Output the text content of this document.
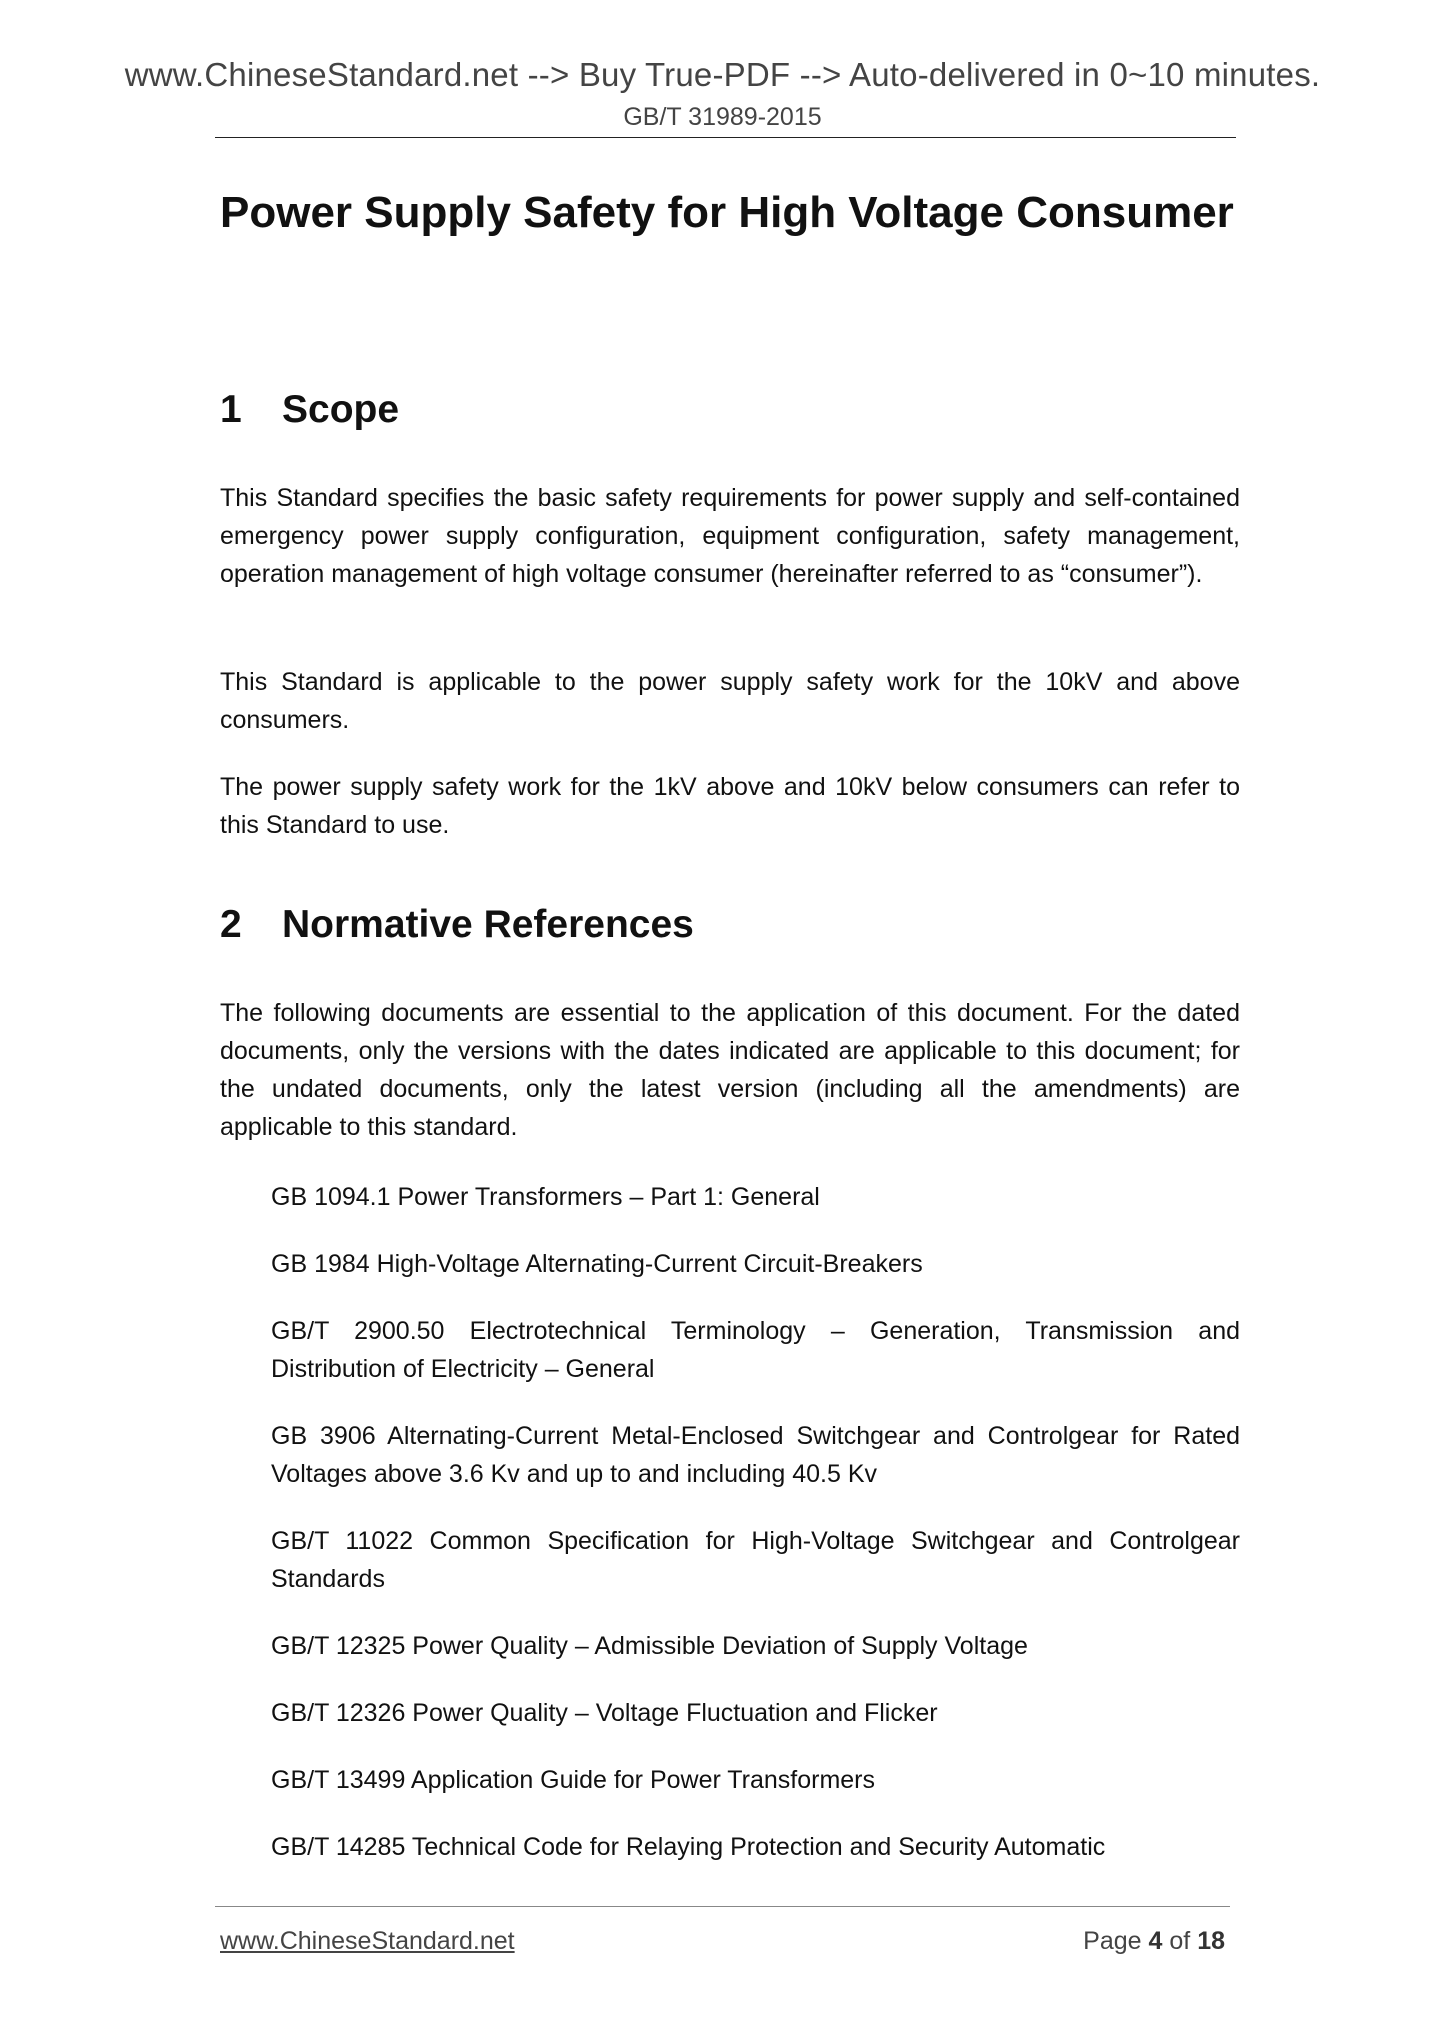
www.ChineseStandard.net --> Buy True-PDF --> Auto-delivered in 0~10 minutes.
GB/T 31989-2015
Power Supply Safety for High Voltage Consumer
1 Scope

This Standard specifies the basic safety requirements for power supply and self-contained emergency power supply configuration, equipment configuration, safety management, operation management of high voltage consumer (hereinafter referred to as “consumer”).

This Standard is applicable to the power supply safety work for the 10kV and above consumers.

The power supply safety work for the 1kV above and 10kV below consumers can refer to this Standard to use.

2 Normative References

The following documents are essential to the application of this document. For the dated documents, only the versions with the dates indicated are applicable to this document; for the undated documents, only the latest version (including all the amendments) are applicable to this standard.

GB 1094.1 Power Transformers – Part 1: General

GB 1984 High-Voltage Alternating-Current Circuit-Breakers

GB/T 2900.50 Electrotechnical Terminology – Generation, Transmission and Distribution of Electricity – General

GB 3906 Alternating-Current Metal-Enclosed Switchgear and Controlgear for Rated Voltages above 3.6 Kv and up to and including 40.5 Kv

GB/T 11022 Common Specification for High-Voltage Switchgear and Controlgear Standards

GB/T 12325 Power Quality – Admissible Deviation of Supply Voltage

GB/T 12326 Power Quality – Voltage Fluctuation and Flicker

GB/T 13499 Application Guide for Power Transformers

GB/T 14285 Technical Code for Relaying Protection and Security Automatic

www.ChineseStandard.net	Page 4 of 18
